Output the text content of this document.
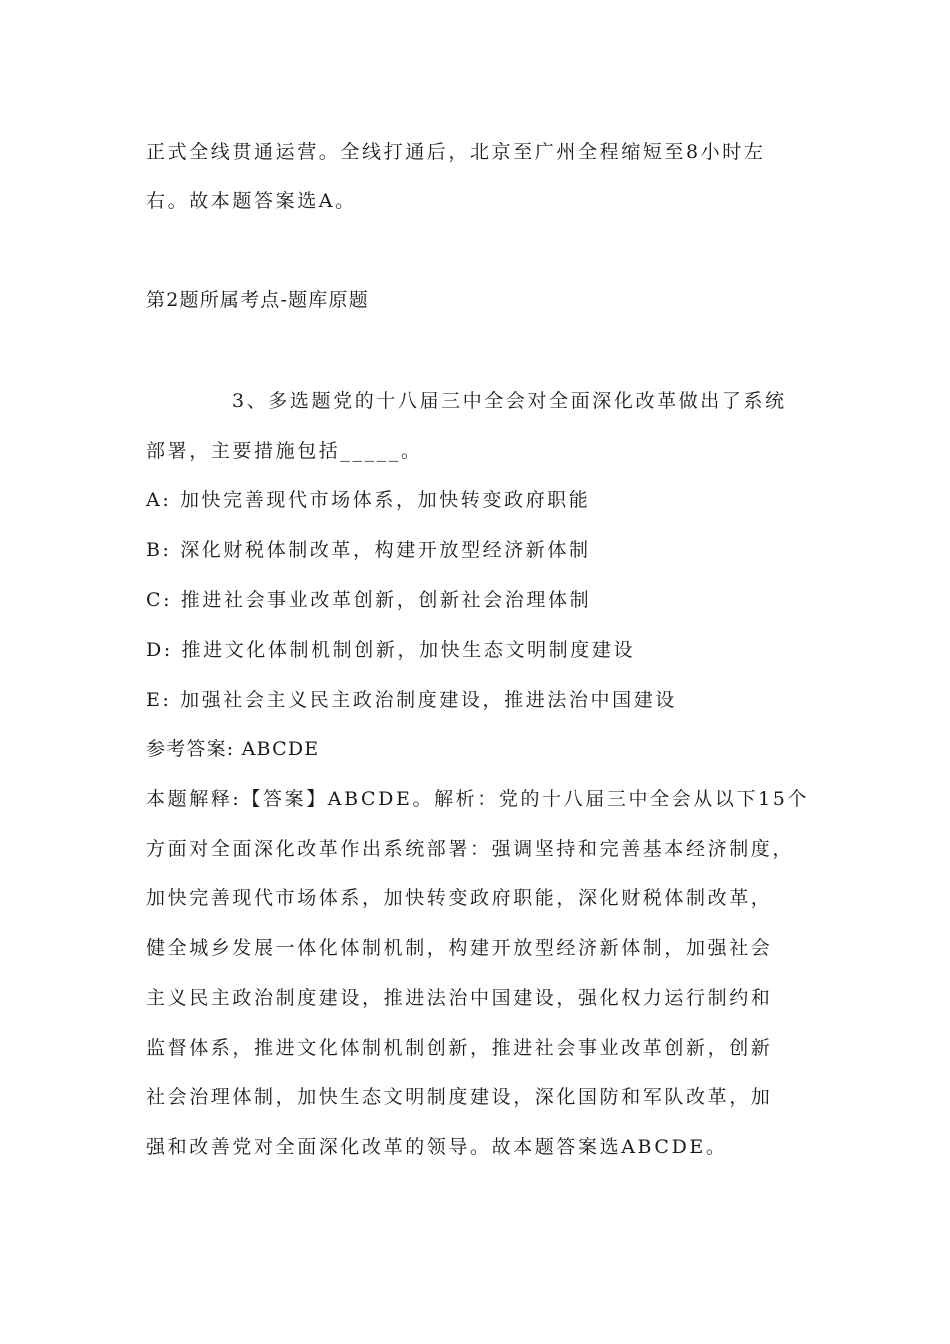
正式全线贯通运营。全线打通后，北京至广州全程缩短至8小时左
右。故本题答案选A。
第2题所属考点-题库原题
3、多选题党的十八届三中全会对全面深化改革做出了系统
部署，主要措施包括_____。
A: 加快完善现代市场体系，加快转变政府职能
B: 深化财税体制改革，构建开放型经济新体制
C: 推进社会事业改革创新，创新社会治理体制
D: 推进文化体制机制创新，加快生态文明制度建设
E: 加强社会主义民主政治制度建设，推进法治中国建设
参考答案: ABCDE
本题解释:【答案】ABCDE。解析：党的十八届三中全会从以下15个
方面对全面深化改革作出系统部署：强调坚持和完善基本经济制度，
加快完善现代市场体系，加快转变政府职能，深化财税体制改革，
健全城乡发展一体化体制机制，构建开放型经济新体制，加强社会
主义民主政治制度建设，推进法治中国建设，强化权力运行制约和
监督体系，推进文化体制机制创新，推进社会事业改革创新，创新
社会治理体制，加快生态文明制度建设，深化国防和军队改革，加
强和改善党对全面深化改革的领导。故本题答案选ABCDE。
